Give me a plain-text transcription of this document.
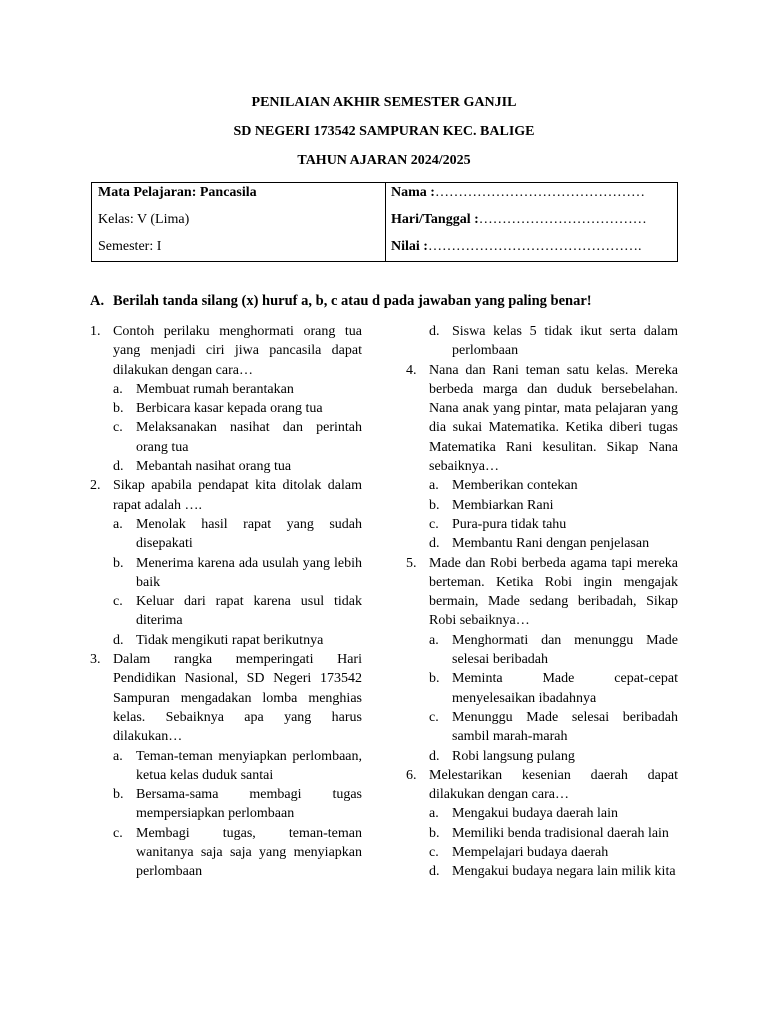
PENILAIAN AKHIR SEMESTER GANJIL
SD NEGERI 173542 SAMPURAN KEC. BALIGE
TAHUN AJARAN 2024/2025
Mata Pelajaran: Pancasila
Kelas: V (Lima)
Semester: I
Nama :………………………………………
Hari/Tanggal :………………………………
Nilai :……………………………………….
A. Berilah tanda silang (x) huruf a, b, c atau d pada jawaban yang paling benar!
1. Contoh perilaku menghormati orang tua yang menjadi ciri jiwa pancasila dapat dilakukan dengan cara…
a. Membuat rumah berantakan
b. Berbicara kasar kepada orang tua
c. Melaksanakan nasihat dan perintah orang tua
d. Mebantah nasihat orang tua
2. Sikap apabila pendapat kita ditolak dalam rapat adalah ….
a. Menolak hasil rapat yang sudah disepakati
b. Menerima karena ada usulah yang lebih baik
c. Keluar dari rapat karena usul tidak diterima
d. Tidak mengikuti rapat berikutnya
3. Dalam rangka memperingati Hari Pendidikan Nasional, SD Negeri 173542 Sampuran mengadakan lomba menghias kelas. Sebaiknya apa yang harus dilakukan…
a. Teman-teman menyiapkan perlombaan, ketua kelas duduk santai
b. Bersama-sama membagi tugas mempersiapkan perlombaan
c. Membagi tugas, teman-teman wanitanya saja saja yang menyiapkan perlombaan
d. Siswa kelas 5 tidak ikut serta dalam perlombaan
4. Nana dan Rani teman satu kelas. Mereka berbeda marga dan duduk bersebelahan. Nana anak yang pintar, mata pelajaran yang dia sukai Matematika. Ketika diberi tugas Matematika Rani kesulitan. Sikap Nana sebaiknya…
a. Memberikan contekan
b. Membiarkan Rani
c. Pura-pura tidak tahu
d. Membantu Rani dengan penjelasan
5. Made dan Robi berbeda agama tapi mereka berteman. Ketika Robi ingin mengajak bermain, Made sedang beribadah, Sikap Robi sebaiknya…
a. Menghormati dan menunggu Made selesai beribadah
b. Meminta Made cepat-cepat menyelesaikan ibadahnya
c. Menunggu Made selesai beribadah sambil marah-marah
d. Robi langsung pulang
6. Melestarikan kesenian daerah dapat dilakukan dengan cara…
a. Mengakui budaya daerah lain
b. Memiliki benda tradisional daerah lain
c. Mempelajari budaya daerah
d. Mengakui budaya negara lain milik kita
